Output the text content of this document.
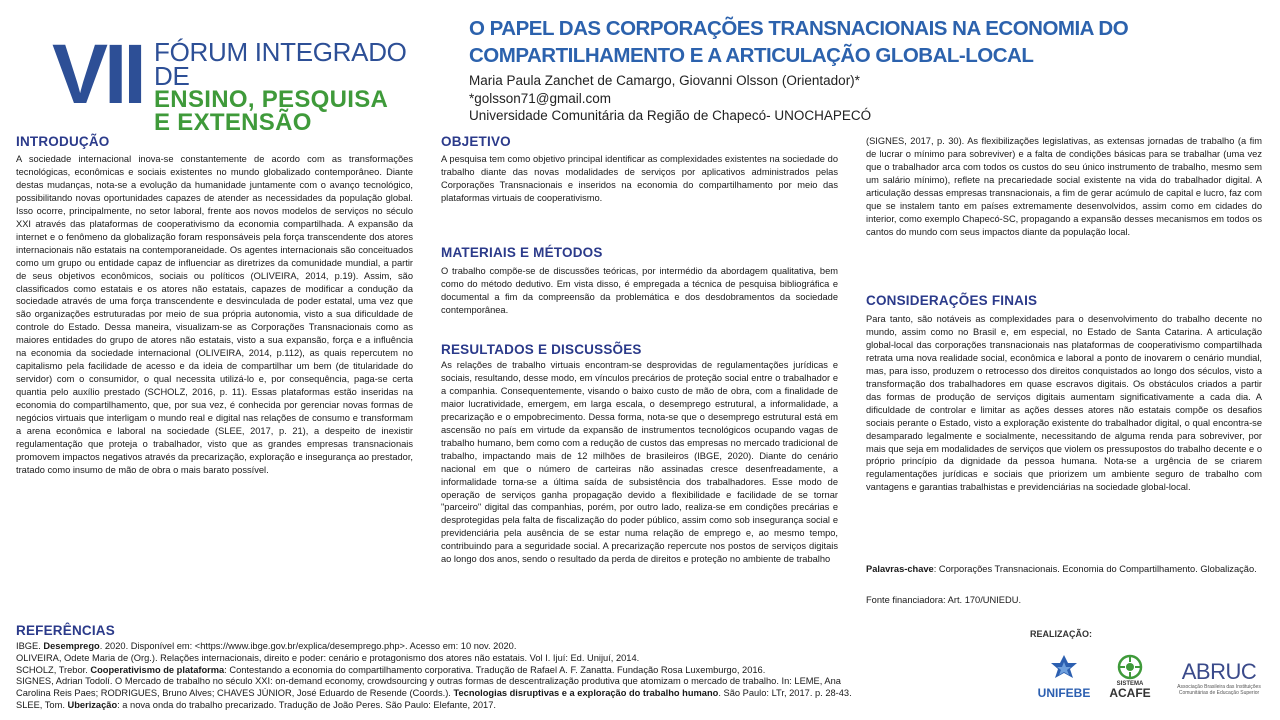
VII FÓRUM INTEGRADO DE
ENSINO, PESQUISA
E EXTENSÃO
O PAPEL DAS CORPORAÇÕES TRANSNACIONAIS NA ECONOMIA DO
COMPARTILHAMENTO E A ARTICULAÇÃO GLOBAL-LOCAL
Maria Paula Zanchet de Camargo, Giovanni Olsson (Orientador)*
*golsson71@gmail.com
Universidade Comunitária da Região de Chapecó- UNOCHAPECÓ
INTRODUÇÃO
A sociedade internacional inova-se constantemente de acordo com as transformações tecnológicas, econômicas e sociais existentes no mundo globalizado contemporâneo. Diante destas mudanças, nota-se a evolução da humanidade juntamente com o avanço tecnológico, possibilitando novas oportunidades capazes de atender as necessidades da população global. Isso ocorre, principalmente, no setor laboral, frente aos novos modelos de serviços no século XXI através das plataformas de cooperativismo da economia compartilhada. A expansão da internet e o fenômeno da globalização foram responsáveis pela força transcendente dos atores internacionais não estatais na contemporaneidade. Os agentes internacionais são conceituados como um grupo ou entidade capaz de influenciar as diretrizes da comunidade mundial, a partir de seus objetivos econômicos, sociais ou políticos (OLIVEIRA, 2014, p.19). Assim, são classificados como estatais e os atores não estatais, capazes de modificar a condução da sociedade através de uma força transcendente e desvinculada de poder estatal, uma vez que são organizações estruturadas por meio de sua própria autonomia, visto a sua dificuldade de controle do Estado. Dessa maneira, visualizam-se as Corporações Transnacionais como as maiores entidades do grupo de atores não estatais, visto a sua expansão, força e a influência na economia da sociedade internacional (OLIVEIRA, 2014, p.112), as quais repercutem no capitalismo pela facilidade de acesso e da ideia de compartilhar um bem (de titularidade do servidor) com o consumidor, o qual necessita utilizá-lo e, por consequência, paga-se certa quantia pelo auxílio prestado (SCHOLZ, 2016, p. 11). Essas plataformas estão inseridas na economia do compartilhamento, que, por sua vez, é conhecida por gerenciar novas formas de negócios virtuais que interligam o mundo real e digital nas relações de consumo e transformam a arena econômica e laboral na sociedade (SLEE, 2017, p. 21), a despeito de inexistir regulamentação que proteja o trabalhador, visto que as grandes empresas transnacionais promovem impactos negativos através da precarização, exploração e insegurança ao prestador, tratado como insumo de mão de obra o mais barato possível.
OBJETIVO
A pesquisa tem como objetivo principal identificar as complexidades existentes na sociedade do trabalho diante das novas modalidades de serviços por aplicativos administrados pelas Corporações Transnacionais e inseridos na economia do compartilhamento por meio das plataformas virtuais de cooperativismo.
MATERIAIS E MÉTODOS
O trabalho compõe-se de discussões teóricas, por intermédio da abordagem qualitativa, bem como do método dedutivo. Em vista disso, é empregada a técnica de pesquisa bibliográfica e documental a fim da compreensão da problemática e dos desdobramentos da sociedade contemporânea.
RESULTADOS E DISCUSSÕES
As relações de trabalho virtuais encontram-se desprovidas de regulamentações jurídicas e sociais, resultando, desse modo, em vínculos precários de proteção social entre o trabalhador e a companhia. Consequentemente, visando o baixo custo de mão de obra, com a finalidade de maior lucratividade, emergem, em larga escala, o desemprego estrutural, a informalidade, a precarização e o empobrecimento. Dessa forma, nota-se que o desemprego estrutural está em ascensão no país em virtude da expansão de instrumentos tecnológicos ocupando vagas de trabalho humano, bem como com a redução de custos das empresas no mercado tradicional de trabalho, impactando mais de 12 milhões de brasileiros (IBGE, 2020). Diante do cenário nacional em que o número de carteiras não assinadas cresce desenfreadamente, a informalidade torna-se a última saída de subsistência dos trabalhadores. Esse modo de operação de serviços ganha propagação devido a flexibilidade e facilidade de se tornar "parceiro" digital das companhias, porém, por outro lado, realiza-se em condições precárias e desprotegidas pela falta de fiscalização do poder público, assim como sob insegurança social e previdenciária pela ausência de se estar numa relação de emprego e, ao mesmo tempo, contribuindo para a seguridade social. A precarização repercute nos postos de serviços digitais ao longo dos anos, sendo o resultado da perda de direitos e proteção no ambiente de trabalho
(SIGNES, 2017, p. 30). As flexibilizações legislativas, as extensas jornadas de trabalho (a fim de lucrar o mínimo para sobreviver) e a falta de condições básicas para se trabalhar (uma vez que o trabalhador arca com todos os custos do seu único instrumento de trabalho, mesmo sem um salário mínimo), reflete na precariedade social existente na vida do trabalhador digital. A articulação dessas empresas transnacionais, a fim de gerar acúmulo de capital e lucro, faz com que se instalem tanto em países extremamente desenvolvidos, assim como em cidades do interior, como exemplo Chapecó-SC, propagando a expansão desses mecanismos em todos os cantos do mundo com seus impactos diante da população local.
CONSIDERAÇÕES FINAIS
Para tanto, são notáveis as complexidades para o desenvolvimento do trabalho decente no mundo, assim como no Brasil e, em especial, no Estado de Santa Catarina. A articulação global-local das corporações transnacionais nas plataformas de cooperativismo compartilhada retrata uma nova realidade social, econômica e laboral a ponto de inovarem o cenário mundial, mas, para isso, produzem o retrocesso dos direitos conquistados ao longo dos séculos, visto a transformação dos trabalhadores em quase escravos digitais. Os obstáculos criados a partir das formas de produção de serviços digitais aumentam significativamente a cada dia. A dificuldade de controlar e limitar as ações desses atores não estatais compõe os desafios sociais perante o Estado, visto a exploração existente do trabalhador digital, o qual encontra-se desamparado legalmente e socialmente, necessitando de alguma renda para sobreviver, por mais que seja em modalidades de serviços que violem os pressupostos do trabalho decente e o próprio princípio da dignidade da pessoa humana. Nota-se a urgência de se criarem regulamentações jurídicas e sociais que priorizem um ambiente seguro de trabalho com vantagens e garantias trabalhistas e previdenciárias na sociedade global-local.
Palavras-chave: Corporações Transnacionais. Economia do Compartilhamento. Globalização.
Fonte financiadora: Art. 170/UNIEDU.
REFERÊNCIAS
IBGE. Desemprego. 2020. Disponível em: <https://www.ibge.gov.br/explica/desemprego.php>. Acesso em: 10 nov. 2020.
OLIVEIRA, Odete Maria de (Org.). Relações internacionais, direito e poder: cenário e protagonismo dos atores não estatais. Vol I. Ijuí: Ed. Unijuí, 2014.
SCHOLZ, Trebor. Cooperativismo de plataforma: Contestando a economia do compartilhamento corporativa. Tradução de Rafael A. F. Zanatta. Fundação Rosa Luxemburgo, 2016.
SIGNES, Adrian Todolí. O Mercado de trabalho no século XXI: on-demand economy, crowdsourcing y outras formas de descentralização produtiva que atomizam o mercado de trabalho. In: LEME, Ana
Carolina Reis Paes; RODRIGUES, Bruno Alves; CHAVES JÚNIOR, José Eduardo de Resende (Coords.). Tecnologias disruptivas e a exploração do trabalho humano. São Paulo: LTr, 2017. p. 28-43.
SLEE, Tom. Uberização: a nova onda do trabalho precarizado. Tradução de João Peres. São Paulo: Elefante, 2017.
REALIZAÇÃO:
UNIFEBE
SISTEMA
ACAFE
ABRUC
Associação Brasileira das Instituições
Comunitárias de Educação Superior
